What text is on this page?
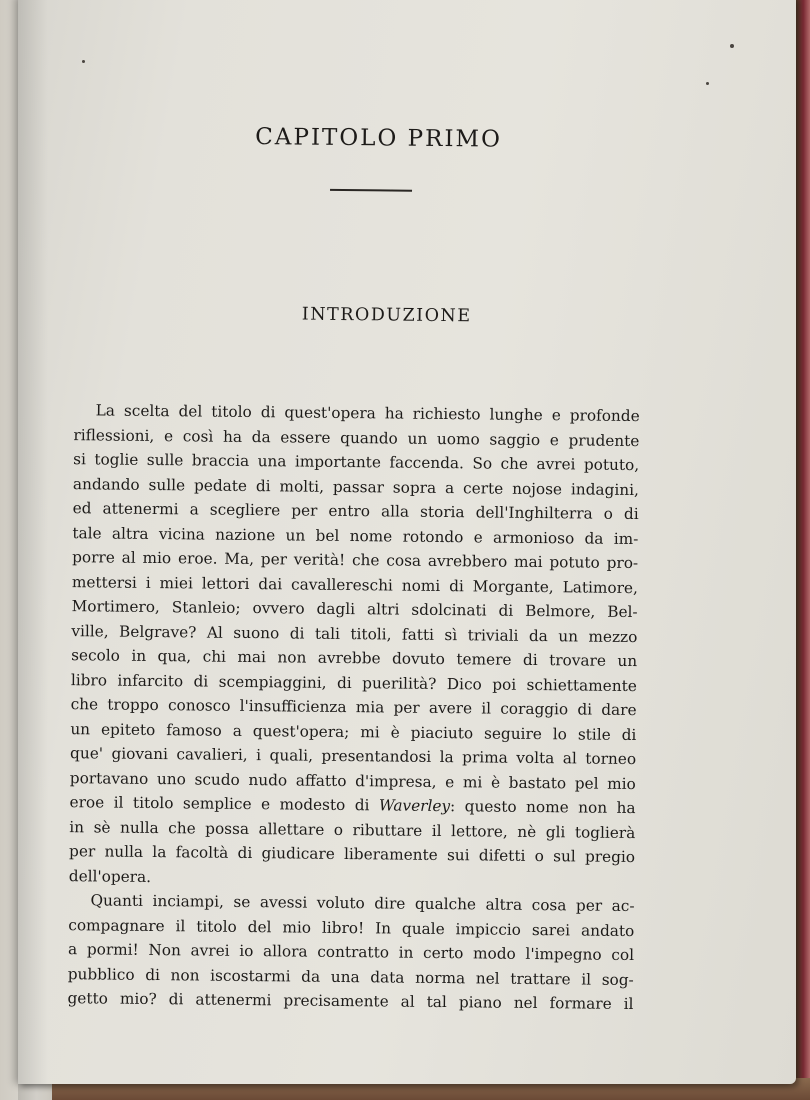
CAPITOLO PRIMO
INTRODUZIONE
La scelta del titolo di quest'opera ha richiesto lunghe e profonde
riflessioni, e così ha da essere quando un uomo saggio e prudente
si toglie sulle braccia una importante faccenda. So che avrei potuto,
andando sulle pedate di molti, passar sopra a certe nojose indagini,
ed attenermi a scegliere per entro alla storia dell'Inghilterra o di
tale altra vicina nazione un bel nome rotondo e armonioso da im-
porre al mio eroe. Ma, per verità! che cosa avrebbero mai potuto pro-
mettersi i miei lettori dai cavallereschi nomi di Morgante, Latimore,
Mortimero, Stanleio; ovvero dagli altri sdolcinati di Belmore, Bel-
ville, Belgrave? Al suono di tali titoli, fatti sì triviali da un mezzo
secolo in qua, chi mai non avrebbe dovuto temere di trovare un
libro infarcito di scempiaggini, di puerilità? Dico poi schiettamente
che troppo conosco l'insufficienza mia per avere il coraggio di dare
un epiteto famoso a quest'opera; mi è piaciuto seguire lo stile di
que' giovani cavalieri, i quali, presentandosi la prima volta al torneo
portavano uno scudo nudo affatto d'impresa, e mi è bastato pel mio
eroe il titolo semplice e modesto di Waverley: questo nome non ha
in sè nulla che possa allettare o ributtare il lettore, nè gli toglierà
per nulla la facoltà di giudicare liberamente sui difetti o sul pregio
dell'opera.
Quanti inciampi, se avessi voluto dire qualche altra cosa per ac-
compagnare il titolo del mio libro! In quale impiccio sarei andato
a pormi! Non avrei io allora contratto in certo modo l'impegno col
pubblico di non iscostarmi da una data norma nel trattare il sog-
getto mio? di attenermi precisamente al tal piano nel formare il
